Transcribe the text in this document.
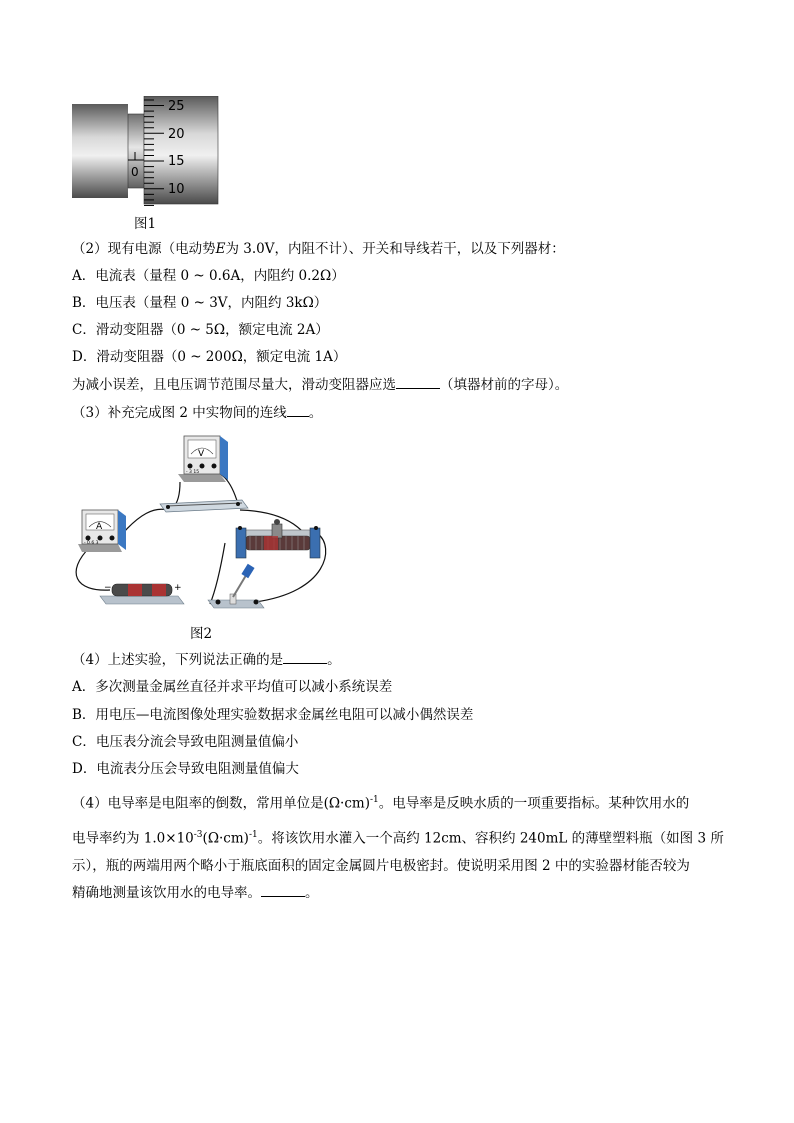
0
25
20
15
10
图1
（2）现有电源（电动势E为 3.0V，内阻不计）、开关和导线若干，以及下列器材：
A．电流表（量程 0 ~ 0.6A，内阻约 0.2Ω）
B．电压表（量程 0 ~ 3V，内阻约 3kΩ）
C．滑动变阻器（0 ~ 5Ω，额定电流 2A）
D．滑动变阻器（0 ~ 200Ω，额定电流 1A）
为减小误差，且电压调节范围尽量大，滑动变阻器应选	（填器材前的字母）。
（3）补充完成图 2 中实物间的连线 。
V
- 3 15
A
- 0.6 3
−	+
图2
（4）上述实验，下列说法正确的是	。
A．多次测量金属丝直径并求平均值可以减小系统误差
B．用电压—电流图像处理实验数据求金属丝电阻可以减小偶然误差
C．电压表分流会导致电阻测量值偏小
D．电流表分压会导致电阻测量值偏大
（4）电导率是电阻率的倒数，常用单位是$(\Omega\cdot cm)^{-1}$。电导率是反映水质的一项重要指标。某种饮用水的
电导率约为 $1.0\times 10^{-3}(\Omega\cdot cm)^{-1}$。将该饮用水灌入一个高约 12cm、容积约 240mL 的薄壁塑料瓶（如图 3 所
示），瓶的两端用两个略小于瓶底面积的固定金属圆片电极密封。使说明采用图 2 中的实验器材能否较为
精确地测量该饮用水的电导率。	。
